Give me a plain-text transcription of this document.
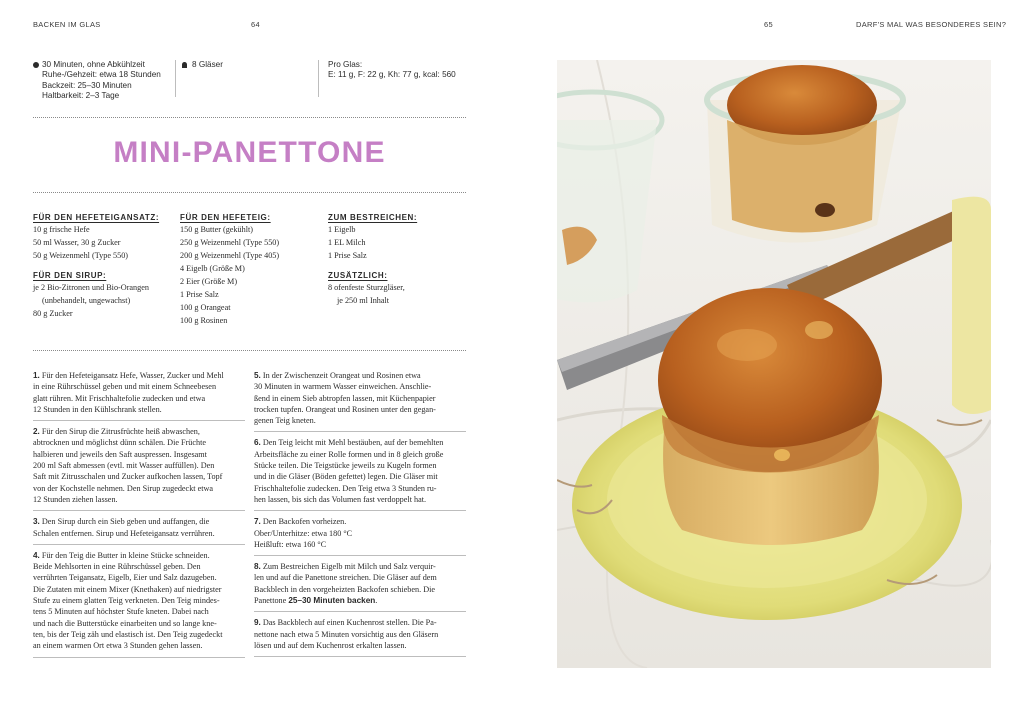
BACKEN IM GLAS	64	65	DARF'S MAL WAS BESONDERES SEIN?
30 Minuten, ohne Abkühlzeit
Ruhe-/Gehzeit: etwa 18 Stunden
Backzeit: 25–30 Minuten
Haltbarkeit: 2–3 Tage
8 Gläser	Pro Glas:
E: 11 g, F: 22 g, Kh: 77 g, kcal: 560
MINI-PANETTONE
FÜR DEN HEFETEIGANSATZ:
10 g frische Hefe
50 ml Wasser, 30 g Zucker
50 g Weizenmehl (Type 550)
FÜR DEN SIRUP:
je 2 Bio-Zitronen und Bio-Orangen
(unbehandelt, ungewachst)
80 g Zucker
FÜR DEN HEFETEIG:
150 g Butter (gekühlt)
250 g Weizenmehl (Type 550)
200 g Weizenmehl (Type 405)
4 Eigelb (Größe M)
2 Eier (Größe M)
1 Prise Salz
100 g Orangeat
100 g Rosinen
ZUM BESTREICHEN:
1 Eigelb
1 EL Milch
1 Prise Salz
ZUSÄTZLICH:
8 ofenfeste Sturzgläser,
je 250 ml Inhalt
1. Für den Hefeteigansatz Hefe, Wasser, Zucker und Mehl
in eine Rührschüssel geben und mit einem Schneebesen
glatt rühren. Mit Frischhaltefolie zudecken und etwa
12 Stunden in den Kühlschrank stellen.
2. Für den Sirup die Zitrusfrüchte heiß abwaschen,
abtrocknen und möglichst dünn schälen. Die Früchte
halbieren und jeweils den Saft auspressen. Insgesamt
200 ml Saft abmessen (evtl. mit Wasser auffüllen). Den
Saft mit Zitrusschalen und Zucker aufkochen lassen, Topf
von der Kochstelle nehmen. Den Sirup zugedeckt etwa
12 Stunden ziehen lassen.
3. Den Sirup durch ein Sieb geben und auffangen, die
Schalen entfernen. Sirup und Hefeteigansatz verrühren.
4. Für den Teig die Butter in kleine Stücke schneiden.
Beide Mehlsorten in eine Rührschüssel geben. Den
verrührten Teigansatz, Eigelb, Eier und Salz dazugeben.
Die Zutaten mit einem Mixer (Knethaken) auf niedrigster
Stufe zu einem glatten Teig verkneten. Den Teig mindes-
tens 5 Minuten auf höchster Stufe kneten. Dabei nach
und nach die Butterstücke einarbeiten und so lange kne-
ten, bis der Teig zäh und elastisch ist. Den Teig zugedeckt
an einem warmen Ort etwa 3 Stunden gehen lassen.
5. In der Zwischenzeit Orangeat und Rosinen etwa
30 Minuten in warmem Wasser einweichen. Anschlie-
ßend in einem Sieb abtropfen lassen, mit Küchenpapier
trocken tupfen. Orangeat und Rosinen unter den gegan-
genen Teig kneten.
6. Den Teig leicht mit Mehl bestäuben, auf der bemehlten
Arbeitsfläche zu einer Rolle formen und in 8 gleich große
Stücke teilen. Die Teigstücke jeweils zu Kugeln formen
und in die Gläser (Böden gefettet) legen. Die Gläser mit
Frischhaltefolie zudecken. Den Teig etwa 3 Stunden ru-
hen lassen, bis sich das Volumen fast verdoppelt hat.
7. Den Backofen vorheizen.
Ober/Unterhitze: etwa 180 °C
Heißluft: etwa 160 °C
8. Zum Bestreichen Eigelb mit Milch und Salz verquir-
len und auf die Panettone streichen. Die Gläser auf dem
Backblech in den vorgeheizten Backofen schieben. Die
Panettone 25–30 Minuten backen.
9. Das Backblech auf einen Kuchenrost stellen. Die Pa-
nettone nach etwa 5 Minuten vorsichtig aus den Gläsern
lösen und auf dem Kuchenrost erkalten lassen.
